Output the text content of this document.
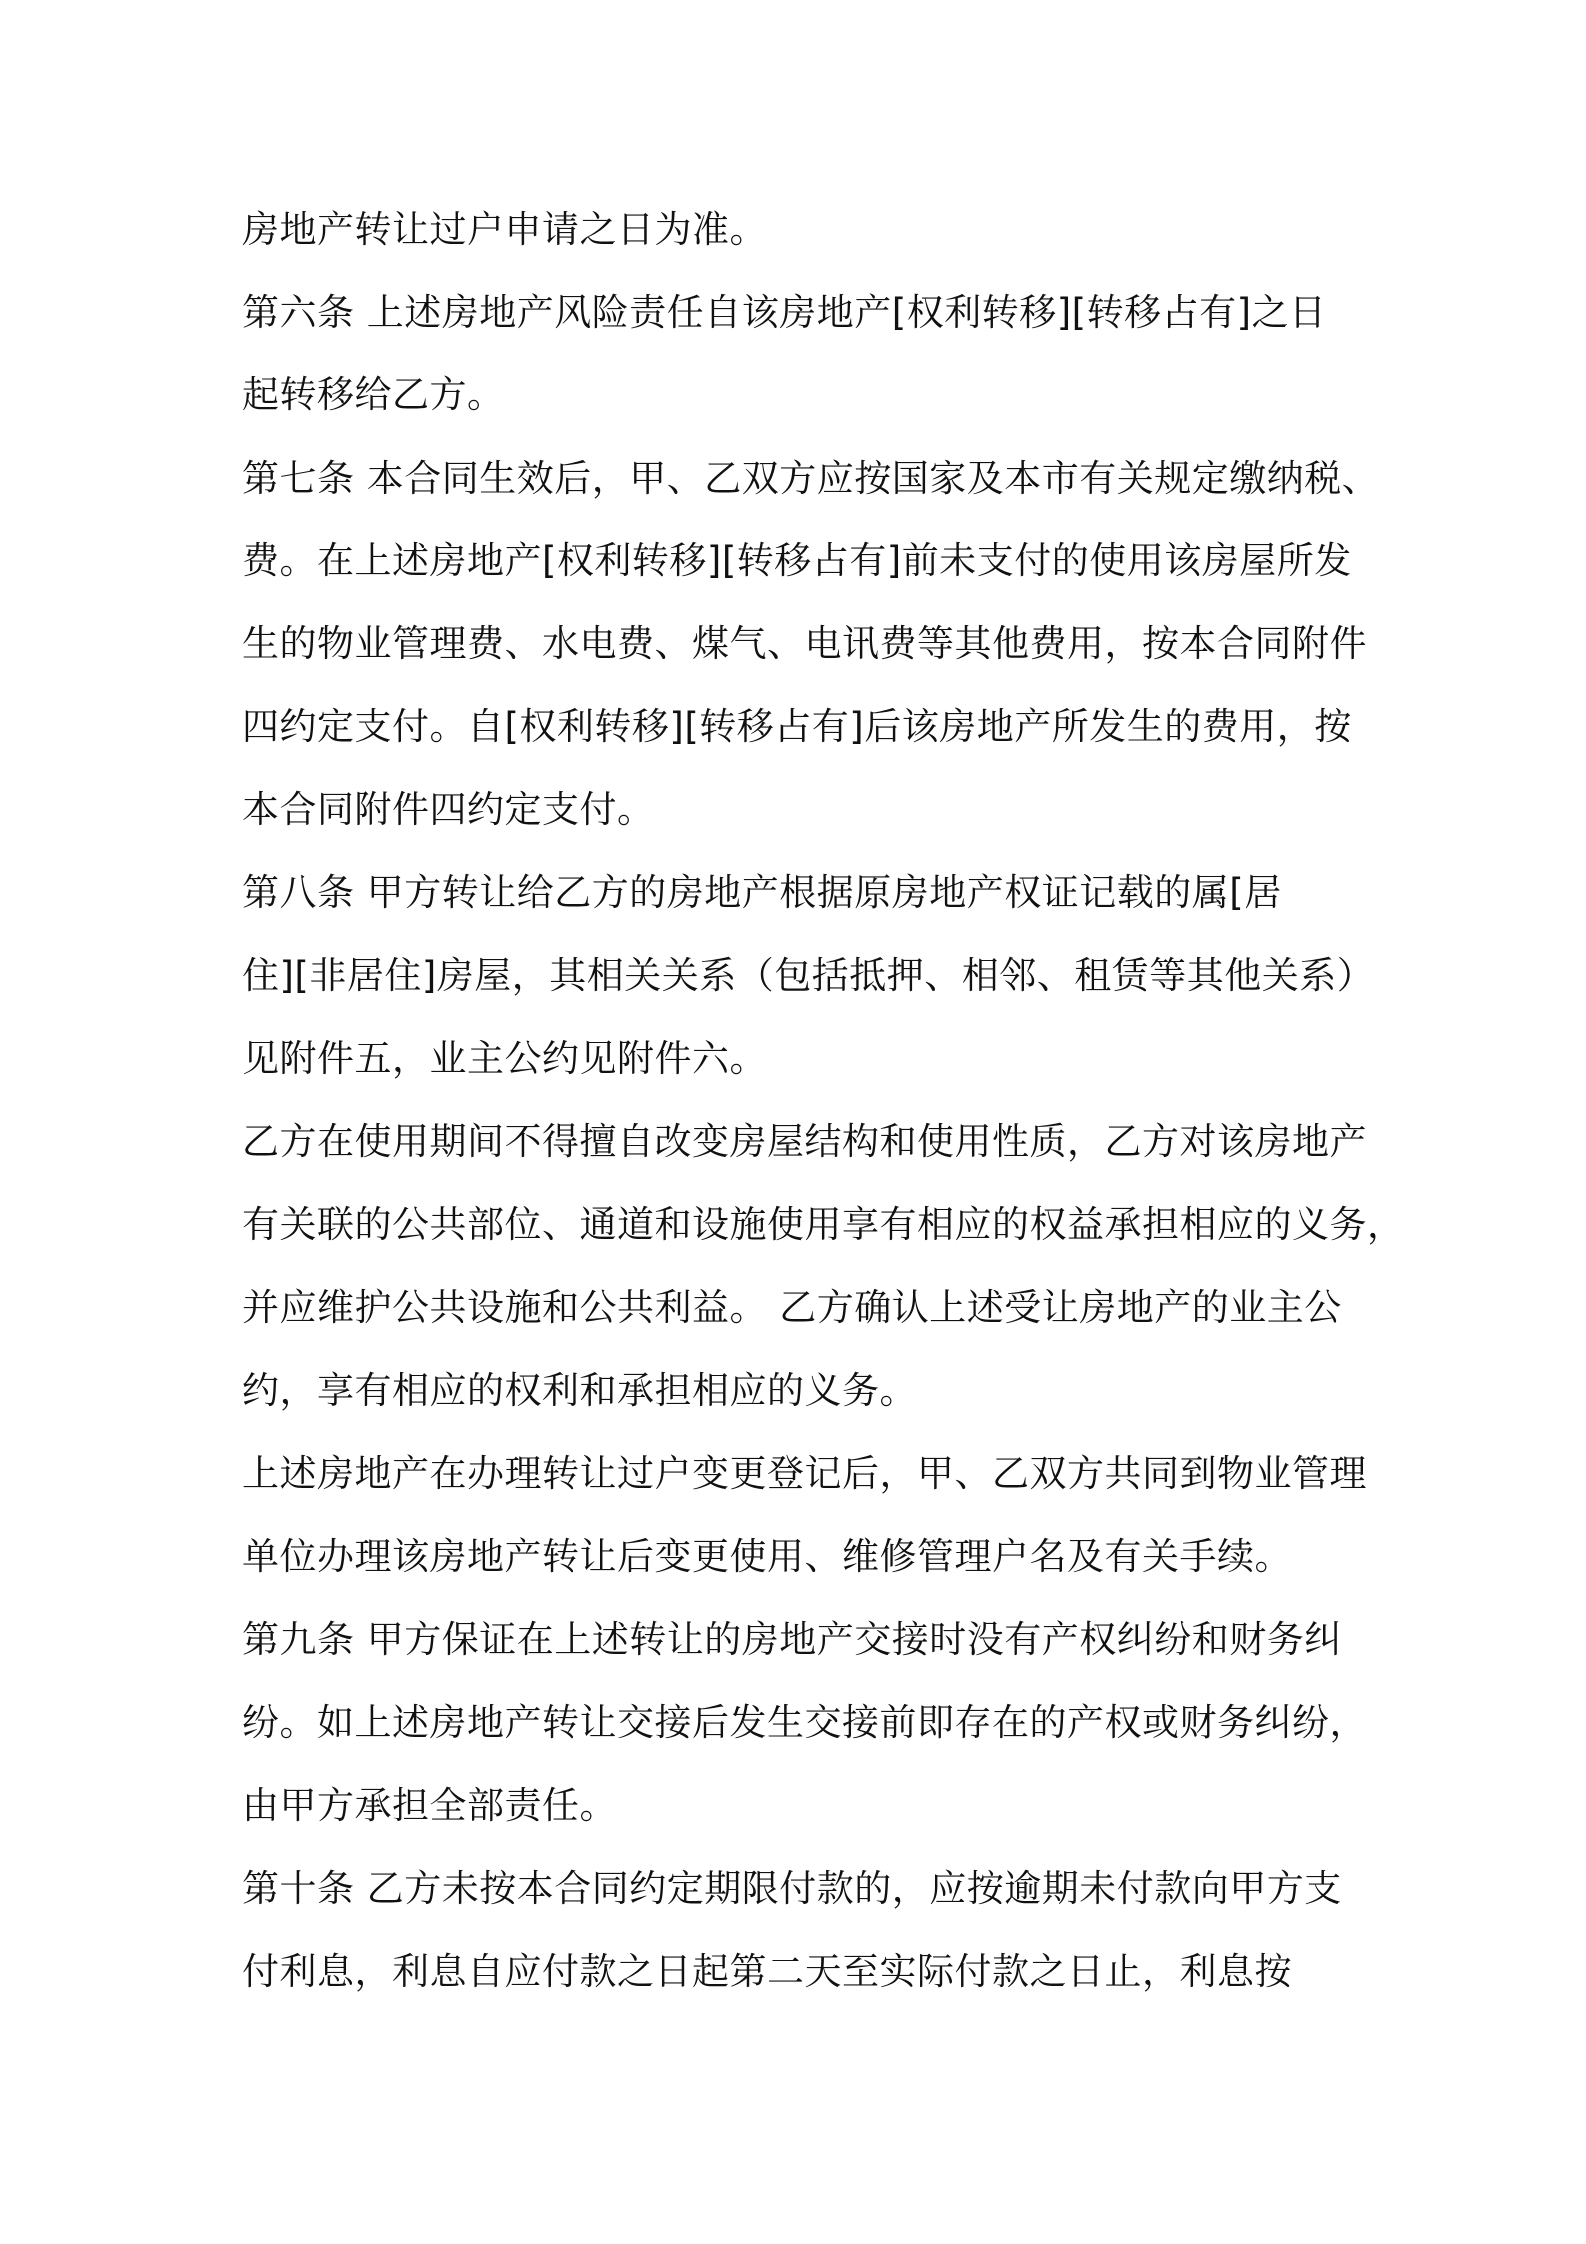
房地产转让过户申请之日为准。
第六条 上述房地产风险责任自该房地产[权利转移][转移占有]之日
起转移给乙方。
第七条 本合同生效后，甲、乙双方应按国家及本市有关规定缴纳税、
费。在上述房地产[权利转移][转移占有]前未支付的使用该房屋所发
生的物业管理费、水电费、煤气、电讯费等其他费用，按本合同附件
四约定支付。自[权利转移][转移占有]后该房地产所发生的费用，按
本合同附件四约定支付。
第八条 甲方转让给乙方的房地产根据原房地产权证记载的属[居
住][非居住]房屋，其相关关系（包括抵押、相邻、租赁等其他关系）
见附件五，业主公约见附件六。
乙方在使用期间不得擅自改变房屋结构和使用性质，乙方对该房地产
有关联的公共部位、通道和设施使用享有相应的权益承担相应的义务，
并应维护公共设施和公共利益。 乙方确认上述受让房地产的业主公
约，享有相应的权利和承担相应的义务。
上述房地产在办理转让过户变更登记后，甲、乙双方共同到物业管理
单位办理该房地产转让后变更使用、维修管理户名及有关手续。
第九条 甲方保证在上述转让的房地产交接时没有产权纠纷和财务纠
纷。如上述房地产转让交接后发生交接前即存在的产权或财务纠纷，
由甲方承担全部责任。
第十条 乙方未按本合同约定期限付款的，应按逾期未付款向甲方支
付利息，利息自应付款之日起第二天至实际付款之日止，利息按
